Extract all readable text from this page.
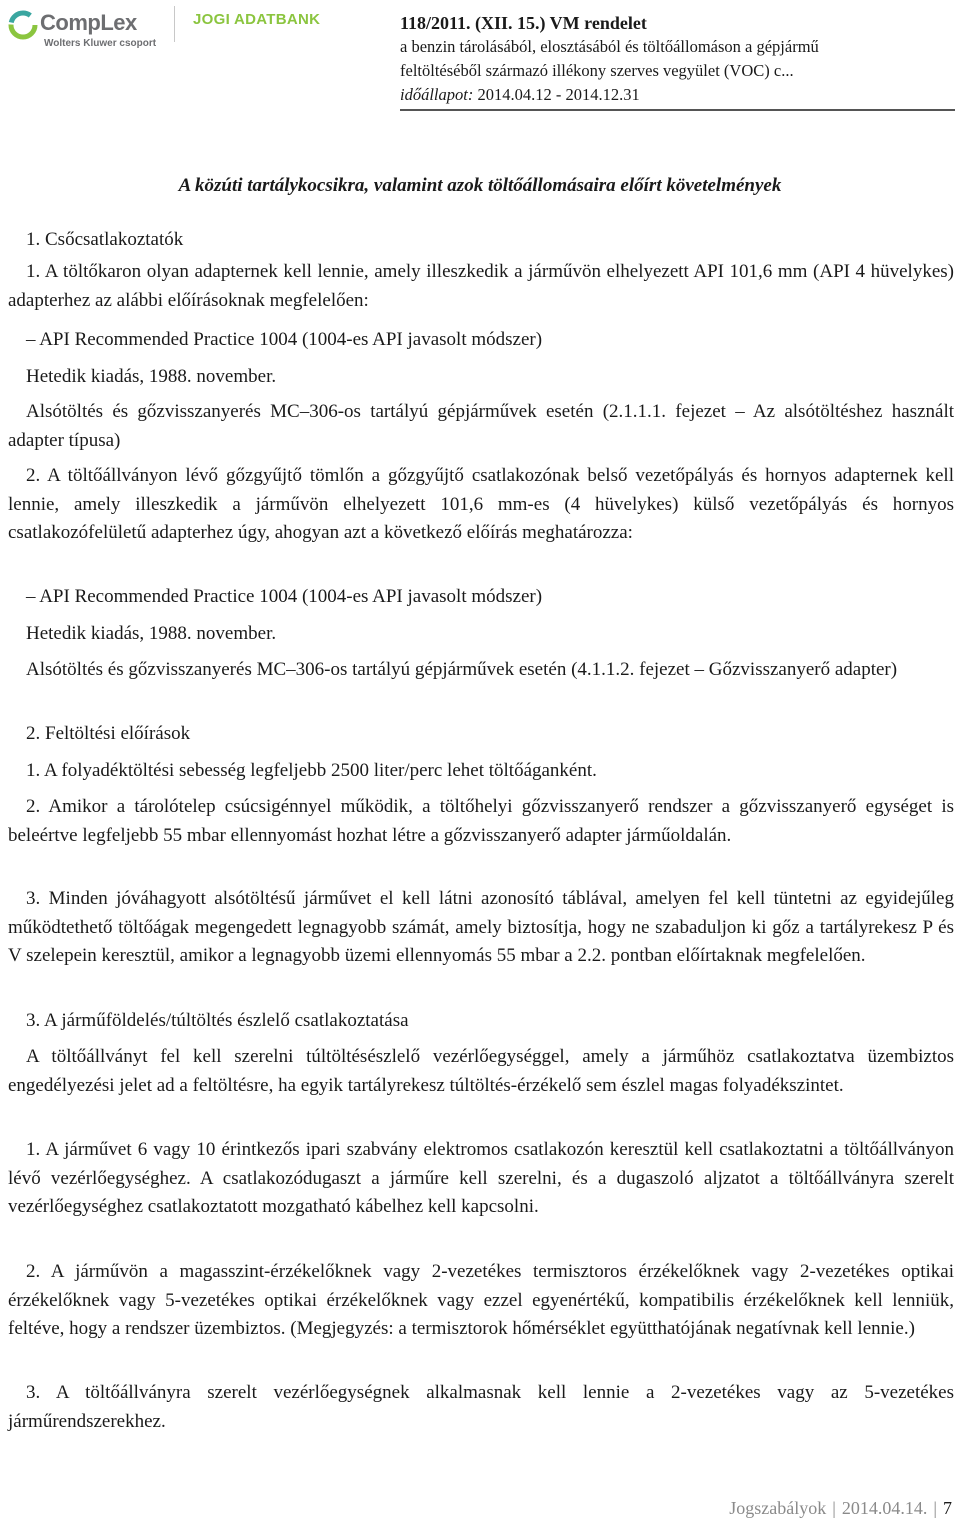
CompLex
Wolters Kluwer csoport
JOGI ADATBANK	118/2011. (XII. 15.) VM rendelet
a benzin tárolásából, elosztásából és töltőállomáson a gépjármű
feltöltéséből származó illékony szerves vegyület (VOC) c...
időállapot: 2014.04.12 - 2014.12.31
A közúti tartálykocsikra, valamint azok töltőállomásaira előírt követelmények
1. Csőcsatlakoztatók
1. A töltőkaron olyan adapternek kell lennie, amely illeszkedik a járművön elhelyezett API 101,6 mm (API 4 hüvelykes) adapterhez az alábbi előírásoknak megfelelően:
– API Recommended Practice 1004 (1004-es API javasolt módszer)
Hetedik kiadás, 1988. november.
Alsótöltés és gőzvisszanyerés MC–306-os tartályú gépjárművek esetén (2.1.1.1. fejezet – Az alsótöltéshez használt adapter típusa)
2. A töltőállványon lévő gőzgyűjtő tömlőn a gőzgyűjtő csatlakozónak belső vezetőpályás és hornyos adapternek kell lennie, amely illeszkedik a járművön elhelyezett 101,6 mm-es (4 hüvelykes) külső vezetőpályás és hornyos csatlakozófelületű adapterhez úgy, ahogyan azt a következő előírás meghatározza:
– API Recommended Practice 1004 (1004-es API javasolt módszer)
Hetedik kiadás, 1988. november.
Alsótöltés és gőzvisszanyerés MC–306-os tartályú gépjárművek esetén (4.1.1.2. fejezet – Gőzvisszanyerő adapter)
2. Feltöltési előírások
1. A folyadéktöltési sebesség legfeljebb 2500 liter/perc lehet töltőáganként.
2. Amikor a tárolótelep csúcsigénnyel működik, a töltőhelyi gőzvisszanyerő rendszer a gőzvisszanyerő egységet is beleértve legfeljebb 55 mbar ellennyomást hozhat létre a gőzvisszanyerő adapter járműoldalán.
3. Minden jóváhagyott alsótöltésű járművet el kell látni azonosító táblával, amelyen fel kell tüntetni az egyidejűleg működtethető töltőágak megengedett legnagyobb számát, amely biztosítja, hogy ne szabaduljon ki gőz a tartályrekesz P és V szelepein keresztül, amikor a legnagyobb üzemi ellennyomás 55 mbar a 2.2. pontban előírtaknak megfelelően.
3. A járműföldelés/túltöltés észlelő csatlakoztatása
A töltőállványt fel kell szerelni túltöltésészlelő vezérlőegységgel, amely a járműhöz csatlakoztatva üzembiztos engedélyezési jelet ad a feltöltésre, ha egyik tartályrekesz túltöltés-érzékelő sem észlel magas folyadékszintet.
1. A járművet 6 vagy 10 érintkezős ipari szabvány elektromos csatlakozón keresztül kell csatlakoztatni a töltőállványon lévő vezérlőegységhez. A csatlakozódugaszt a járműre kell szerelni, és a dugaszoló aljzatot a töltőállványra szerelt vezérlőegységhez csatlakoztatott mozgatható kábelhez kell kapcsolni.
2. A járművön a magasszint-érzékelőknek vagy 2-vezetékes termisztoros érzékelőknek vagy 2-vezetékes optikai érzékelőknek vagy 5-vezetékes optikai érzékelőknek vagy ezzel egyenértékű, kompatibilis érzékelőknek kell lenniük, feltéve, hogy a rendszer üzembiztos. (Megjegyzés: a termisztorok hőmérséklet együtthatójának negatívnak kell lennie.)
3. A töltőállványra szerelt vezérlőegységnek alkalmasnak kell lennie a 2-vezetékes vagy az 5-vezetékes járműrendszerekhez.
Jogszabályok | 2014.04.14. | 7
